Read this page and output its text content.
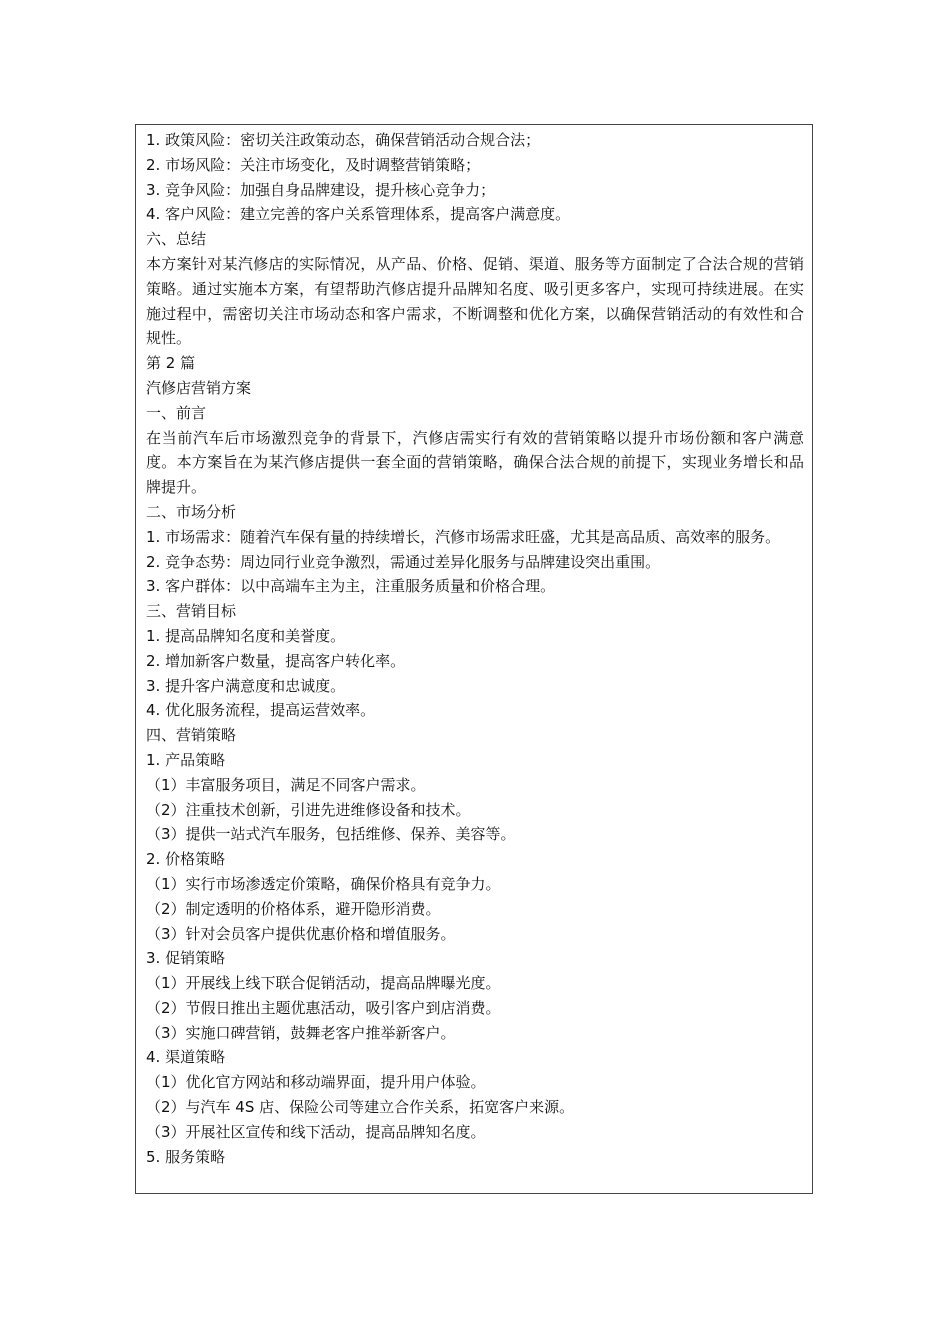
1. 政策风险：密切关注政策动态，确保营销活动合规合法；
2. 市场风险：关注市场变化，及时调整营销策略；
3. 竞争风险：加强自身品牌建设，提升核心竞争力；
4. 客户风险：建立完善的客户关系管理体系，提高客户满意度。
六、总结
本方案针对某汽修店的实际情况，从产品、价格、促销、渠道、服务等方面制定了合法合规的营销策略。通过实施本方案，有望帮助汽修店提升品牌知名度、吸引更多客户，实现可持续进展。在实施过程中，需密切关注市场动态和客户需求，不断调整和优化方案，以确保营销活动的有效性和合规性。
第 2 篇
汽修店营销方案
一、前言
在当前汽车后市场激烈竞争的背景下，汽修店需实行有效的营销策略以提升市场份额和客户满意度。本方案旨在为某汽修店提供一套全面的营销策略，确保合法合规的前提下，实现业务增长和品牌提升。
二、市场分析
1. 市场需求：随着汽车保有量的持续增长，汽修市场需求旺盛，尤其是高品质、高效率的服务。
2. 竞争态势：周边同行业竞争激烈，需通过差异化服务与品牌建设突出重围。
3. 客户群体：以中高端车主为主，注重服务质量和价格合理。
三、营销目标
1. 提高品牌知名度和美誉度。
2. 增加新客户数量，提高客户转化率。
3. 提升客户满意度和忠诚度。
4. 优化服务流程，提高运营效率。
四、营销策略
1. 产品策略
（1）丰富服务项目，满足不同客户需求。
（2）注重技术创新，引进先进维修设备和技术。
（3）提供一站式汽车服务，包括维修、保养、美容等。
2. 价格策略
（1）实行市场渗透定价策略，确保价格具有竞争力。
（2）制定透明的价格体系，避开隐形消费。
（3）针对会员客户提供优惠价格和增值服务。
3. 促销策略
（1）开展线上线下联合促销活动，提高品牌曝光度。
（2）节假日推出主题优惠活动，吸引客户到店消费。
（3）实施口碑营销，鼓舞老客户推举新客户。
4. 渠道策略
（1）优化官方网站和移动端界面，提升用户体验。
（2）与汽车 4S 店、保险公司等建立合作关系，拓宽客户来源。
（3）开展社区宣传和线下活动，提高品牌知名度。
5. 服务策略
